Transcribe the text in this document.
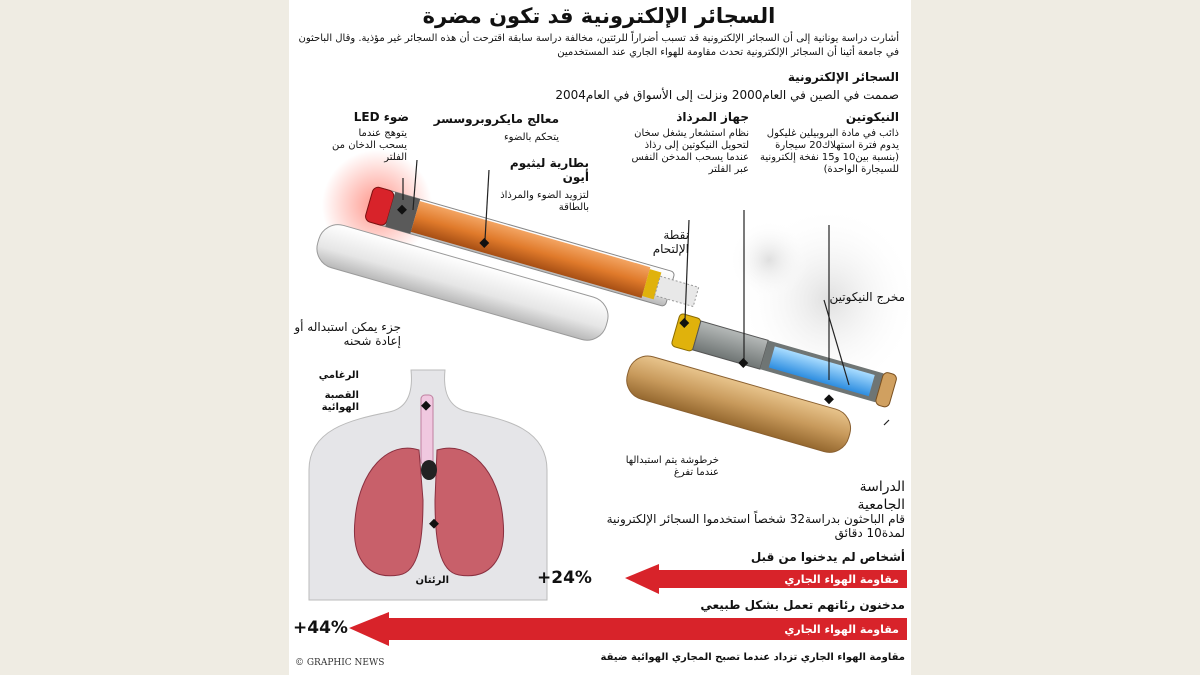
السجائر الإلكترونية قد تكون مضرة
أشارت دراسة يونانية إلى أن السجائر الإلكترونية قد تسبب أضراراً للرئتين، مخالفة دراسة سابقة اقترحت أن هذه السجائر غير مؤذية. وقال الباحثون في جامعة أثينا أن السجائر الإلكترونية تحدث مقاومة للهواء الجاري عند المستخدمين
السجائر الإلكترونية
صممت في الصين في العام2000 ونزلت إلى الأسواق في العام2004
النيكوتين
ذائب في مادة البروبيلين غليكول يدوم فترة استهلاك20 سيجارة (بنسبة بين10 و15 نفخة إلكترونية للسيجارة الواحدة)
جهاز المرذاذ
نظام استشعار يشغل سخان لتحويل النيكوتين إلى رذاذ عندما يسحب المدخن النفس عبر الفلتر
معالج مايكروبروسسر
يتحكم بالضوء
ضوء LED
يتوهج عندما يسحب الدخان من الفلتر	بطارية ليثيوم أيون
لتزويد الضوء والمرذاذ بالطاقة
نقطة الإلتحام
مخرج النيكوتين
جزء يمكن استبداله أو إعادة شحنه
خرطوشة يتم استبدالها عندما تفرغ
الرغامي
القصبة الهوائية
الرئتان
الدراسة الجامعية
قام الباحثون بدراسة32 شخصاً استخدموا السجائر الإلكترونية لمدة10 دقائق
أشخاص لم يدخنوا من قبل
مقاومة الهواء الجاري
+24%
مدخنون رئاتهم تعمل بشكل طبيعي
مقاومة الهواء الجاري
+44%
مقاومة الهواء الجاري تزداد عندما تصبح المجاري الهوائية ضيقة
© GRAPHIC NEWS
